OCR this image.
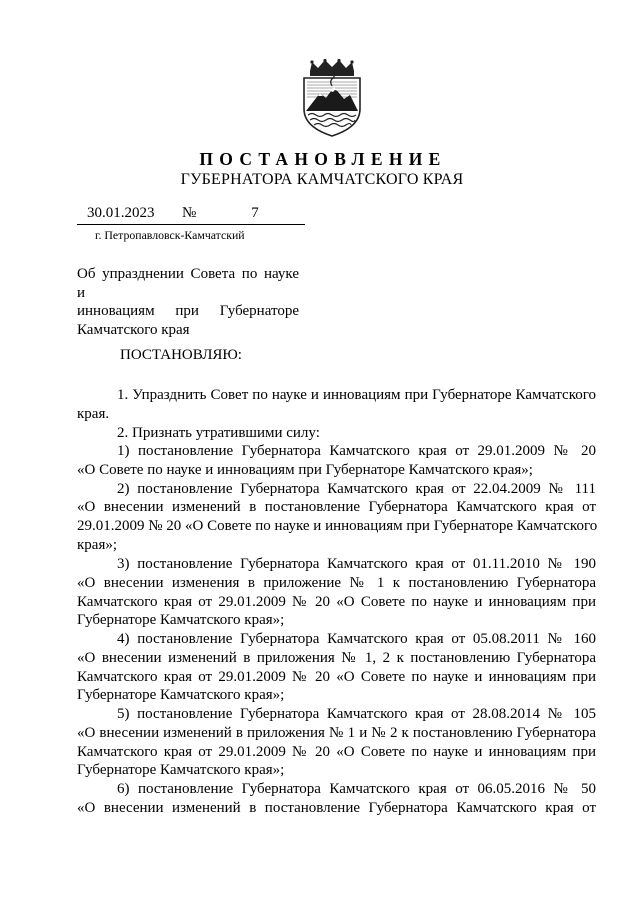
ПОСТАНОВЛЕНИЕ
ГУБЕРНАТОРА КАМЧАТСКОГО КРАЯ
30.01.2023 №	7
г. Петропавловск-Камчатский
Об упразднении Совета по науке и
инновациям при Губернаторе
Камчатского края
ПОСТАНОВЛЯЮ:
1. Упразднить Совет по науке и инновациям при Губернаторе Камчатского
края.
2. Признать утратившими силу:
1) постановление Губернатора Камчатского края от 29.01.2009 № 20
«О Совете по науке и инновациям при Губернаторе Камчатского края»;
2) постановление Губернатора Камчатского края от 22.04.2009 № 111
«О внесении изменений в постановление Губернатора Камчатского края от
29.01.2009 № 20 «О Совете по науке и инновациям при Губернаторе Камчатского
края»;
3) постановление Губернатора Камчатского края от 01.11.2010 № 190
«О внесении изменения в приложение № 1 к постановлению Губернатора
Камчатского края от 29.01.2009 № 20 «О Совете по науке и инновациям при
Губернаторе Камчатского края»;
4) постановление Губернатора Камчатского края от 05.08.2011 № 160
«О внесении изменений в приложения № 1, 2 к постановлению Губернатора
Камчатского края от 29.01.2009 № 20 «О Совете по науке и инновациям при
Губернаторе Камчатского края»;
5) постановление Губернатора Камчатского края от 28.08.2014 № 105
«О внесении изменений в приложения № 1 и № 2 к постановлению Губернатора
Камчатского края от 29.01.2009 № 20 «О Совете по науке и инновациям при
Губернаторе Камчатского края»;
6) постановление Губернатора Камчатского края от 06.05.2016 № 50
«О внесении изменений в постановление Губернатора Камчатского края от
